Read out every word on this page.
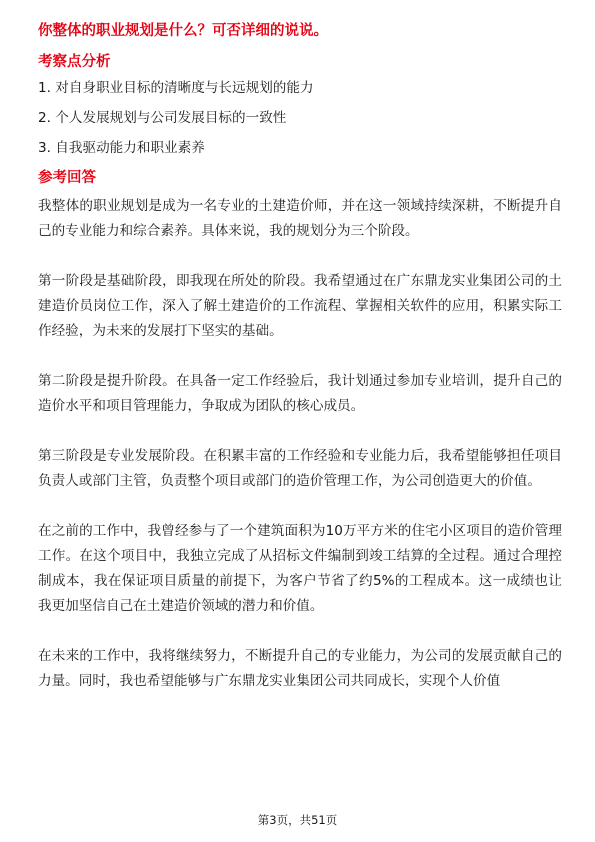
你整体的职业规划是什么？可否详细的说说。
考察点分析
1. 对自身职业目标的清晰度与长远规划的能力
2. 个人发展规划与公司发展目标的一致性
3. 自我驱动能力和职业素养
参考回答

我整体的职业规划是成为一名专业的土建造价师，并在这一领域持续深耕，不断提升自己的专业能力和综合素养。具体来说，我的规划分为三个阶段。

第一阶段是基础阶段，即我现在所处的阶段。我希望通过在广东鼎龙实业集团公司的土建造价员岗位工作，深入了解土建造价的工作流程、掌握相关软件的应用，积累实际工作经验，为未来的发展打下坚实的基础。

第二阶段是提升阶段。在具备一定工作经验后，我计划通过参加专业培训，提升自己的造价水平和项目管理能力，争取成为团队的核心成员。

第三阶段是专业发展阶段。在积累丰富的工作经验和专业能力后，我希望能够担任项目负责人或部门主管，负责整个项目或部门的造价管理工作，为公司创造更大的价值。

在之前的工作中，我曾经参与了一个建筑面积为10万平方米的住宅小区项目的造价管理工作。在这个项目中，我独立完成了从招标文件编制到竣工结算的全过程。通过合理控制成本，我在保证项目质量的前提下，为客户节省了约5%的工程成本。这一成绩也让我更加坚信自己在土建造价领域的潜力和价值。

在未来的工作中，我将继续努力，不断提升自己的专业能力，为公司的发展贡献自己的力量。同时，我也希望能够与广东鼎龙实业集团公司共同成长，实现个人价值

第3页，共51页
